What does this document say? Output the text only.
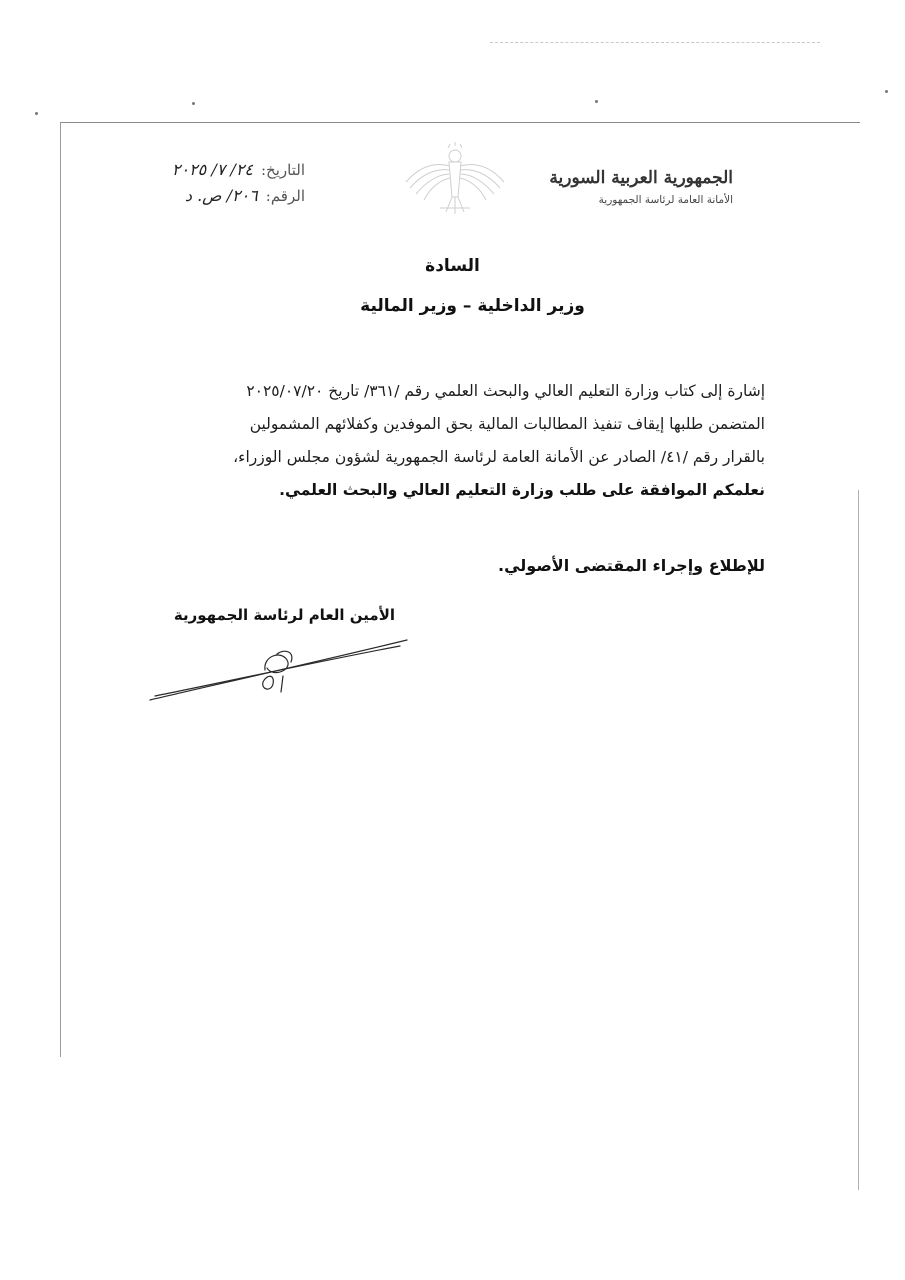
الجمهورية العربية السورية
الأمانة العامة لرئاسة الجمهورية
التاريخ:
٢٤/ ٧/ ٢٠٢٥
الرقم:
٢٠٦/ ص. د
السادة
وزير الداخلية – وزير المالية

إشارة إلى كتاب وزارة التعليم العالي والبحث العلمي رقم /٣٦١/ تاريخ ٢٠٢٥/٠٧/٢٠

المتضمن طلبها إيقاف تنفيذ المطالبات المالية بحق الموفدين وكفلائهم المشمولين

بالقرار رقم /٤١/ الصادر عن الأمانة العامة لرئاسة الجمهورية لشؤون مجلس الوزراء،

نعلمكم الموافقة على طلب وزارة التعليم العالي والبحث العلمي.

للإطلاع وإجراء المقتضى الأصولي.
الأمين العام لرئاسة الجمهورية
